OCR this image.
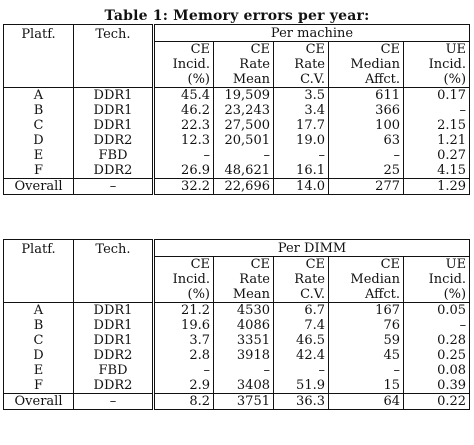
Table 1: Memory errors per year:
Platf.	Tech.	Per machine				
		CE	CE	CE	CE	UE
		Incid.	Rate	Rate	Median	Incid.
		(%)	Mean	C.V.	Affct.	(%)
A	DDR1	45.4	19,509	3.5	611	0.17
B	DDR1	46.2	23,243	3.4	366	–
C	DDR1	22.3	27,500	17.7	100	2.15
D	DDR2	12.3	20,501	19.0	63	1.21
E	FBD	–	–	–	–	0.27
F	DDR2	26.9	48,621	16.1	25	4.15
Overall	–	32.2	22,696	14.0	277	1.29
Platf.	Tech.	Per DIMM				
		CE	CE	CE	CE	UE
		Incid.	Rate	Rate	Median	Incid.
		(%)	Mean	C.V.	Affct.	(%)
A	DDR1	21.2	4530	6.7	167	0.05
B	DDR1	19.6	4086	7.4	76	–
C	DDR1	3.7	3351	46.5	59	0.28
D	DDR2	2.8	3918	42.4	45	0.25
E	FBD	–	–	–	–	0.08
F	DDR2	2.9	3408	51.9	15	0.39
Overall	–	8.2	3751	36.3	64	0.22
